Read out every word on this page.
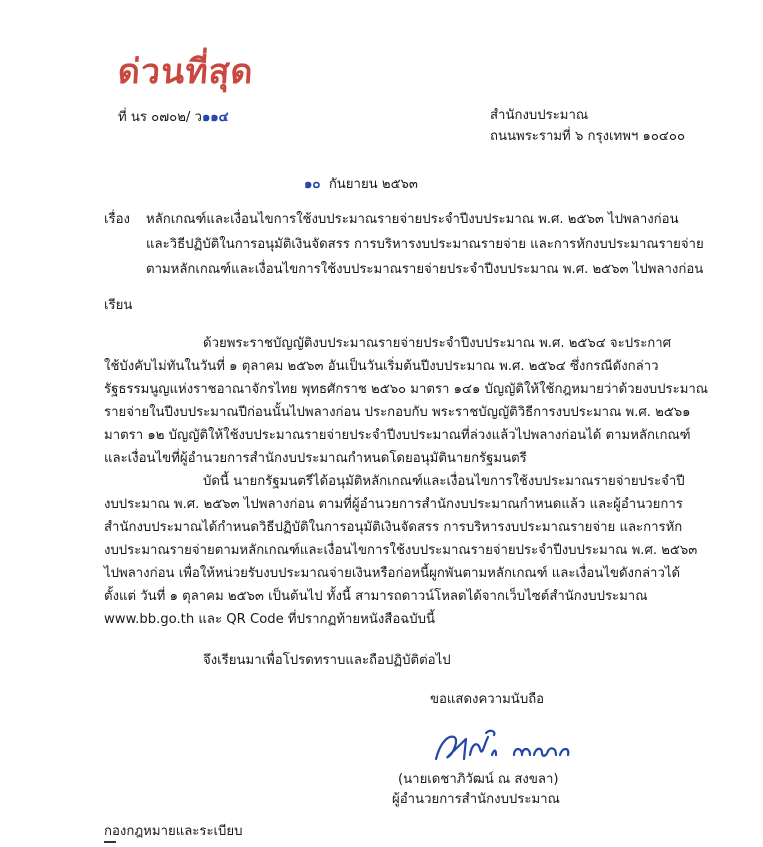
ด่วนที่สุด
ที่ นร ๐๗๐๒/ ว๑๑๔	สำนักงบประมาณ
ถนนพระรามที่ ๖ กรุงเทพฯ ๑๐๔๐๐
๑๐ กันยายน ๒๕๖๓
เรื่อง หลักเกณฑ์และเงื่อนไขการใช้งบประมาณรายจ่ายประจำปีงบประมาณ พ.ศ. ๒๕๖๓ ไปพลางก่อน
และวิธีปฏิบัติในการอนุมัติเงินจัดสรร การบริหารงบประมาณรายจ่าย และการหักงบประมาณรายจ่าย
ตามหลักเกณฑ์และเงื่อนไขการใช้งบประมาณรายจ่ายประจำปีงบประมาณ พ.ศ. ๒๕๖๓ ไปพลางก่อน
เรียน
ด้วยพระราชบัญญัติงบประมาณรายจ่ายประจำปีงบประมาณ พ.ศ. ๒๕๖๔ จะประกาศ
ใช้บังคับไม่ทันในวันที่ ๑ ตุลาคม ๒๕๖๓ อันเป็นวันเริ่มต้นปีงบประมาณ พ.ศ. ๒๕๖๔ ซึ่งกรณีดังกล่าว
รัฐธรรมนูญแห่งราชอาณาจักรไทย พุทธศักราช ๒๕๖๐ มาตรา ๑๔๑ บัญญัติให้ใช้กฎหมายว่าด้วยงบประมาณ
รายจ่ายในปีงบประมาณปีก่อนนั้นไปพลางก่อน ประกอบกับ พระราชบัญญัติวิธีการงบประมาณ พ.ศ. ๒๕๖๑
มาตรา ๑๒ บัญญัติให้ใช้งบประมาณรายจ่ายประจำปีงบประมาณที่ล่วงแล้วไปพลางก่อนได้ ตามหลักเกณฑ์
และเงื่อนไขที่ผู้อำนวยการสำนักงบประมาณกำหนดโดยอนุมัตินายกรัฐมนตรี
บัดนี้ นายกรัฐมนตรีได้อนุมัติหลักเกณฑ์และเงื่อนไขการใช้งบประมาณรายจ่ายประจำปี
งบประมาณ พ.ศ. ๒๕๖๓ ไปพลางก่อน ตามที่ผู้อำนวยการสำนักงบประมาณกำหนดแล้ว และผู้อำนวยการ
สำนักงบประมาณได้กำหนดวิธีปฏิบัติในการอนุมัติเงินจัดสรร การบริหารงบประมาณรายจ่าย และการหัก
งบประมาณรายจ่ายตามหลักเกณฑ์และเงื่อนไขการใช้งบประมาณรายจ่ายประจำปีงบประมาณ พ.ศ. ๒๕๖๓
ไปพลางก่อน เพื่อให้หน่วยรับงบประมาณจ่ายเงินหรือก่อหนี้ผูกพันตามหลักเกณฑ์ และเงื่อนไขดังกล่าวได้
ตั้งแต่ วันที่ ๑ ตุลาคม ๒๕๖๓ เป็นต้นไป ทั้งนี้ สามารถดาวน์โหลดได้จากเว็บไซต์สำนักงบประมาณ
www.bb.go.th และ QR Code ที่ปรากฏท้ายหนังสือฉบับนี้
จึงเรียนมาเพื่อโปรดทราบและถือปฏิบัติต่อไป
ขอแสดงความนับถือ
(นายเดชาภิวัฒน์ ณ สงขลา)
ผู้อำนวยการสำนักงบประมาณ
กองกฎหมายและระเบียบ
